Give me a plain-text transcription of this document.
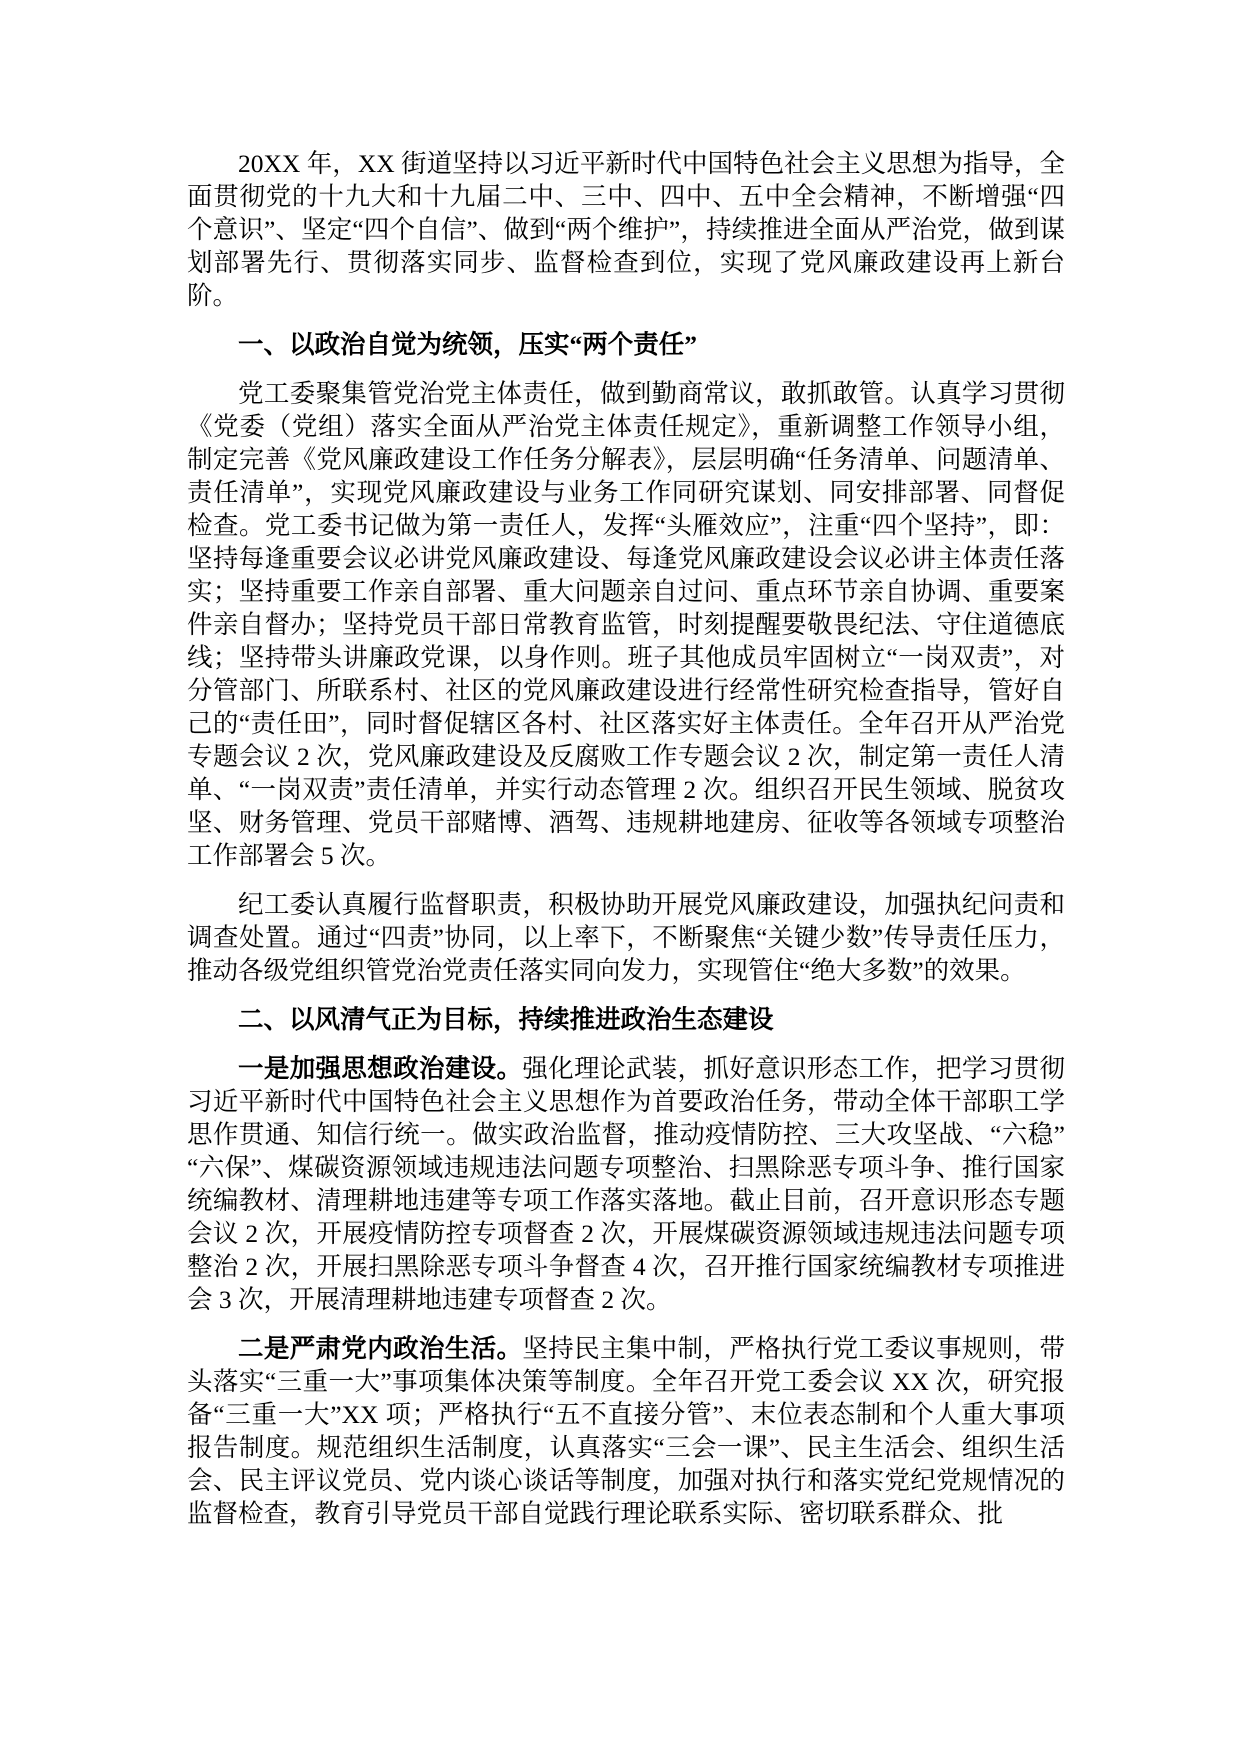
20XX 年，XX 街道坚持以习近平新时代中国特色社会主义思想为指导，全面贯彻党的十九大和十九届二中、三中、四中、五中全会精神，不断增强“四个意识”、坚定“四个自信”、做到“两个维护”，持续推进全面从严治党，做到谋划部署先行、贯彻落实同步、监督检查到位，实现了党风廉政建设再上新台阶。

一、以政治自觉为统领，压实“两个责任”

党工委聚集管党治党主体责任，做到勤商常议，敢抓敢管。认真学习贯彻《党委（党组）落实全面从严治党主体责任规定》，重新调整工作领导小组，制定完善《党风廉政建设工作任务分解表》，层层明确“任务清单、问题清单、责任清单”，实现党风廉政建设与业务工作同研究谋划、同安排部署、同督促检查。党工委书记做为第一责任人，发挥“头雁效应”，注重“四个坚持”，即：坚持每逢重要会议必讲党风廉政建设、每逢党风廉政建设会议必讲主体责任落实；坚持重要工作亲自部署、重大问题亲自过问、重点环节亲自协调、重要案件亲自督办；坚持党员干部日常教育监管，时刻提醒要敬畏纪法、守住道德底线；坚持带头讲廉政党课，以身作则。班子其他成员牢固树立“一岗双责”，对分管部门、所联系村、社区的党风廉政建设进行经常性研究检查指导，管好自己的“责任田”，同时督促辖区各村、社区落实好主体责任。全年召开从严治党专题会议 2 次，党风廉政建设及反腐败工作专题会议 2 次，制定第一责任人清单、“一岗双责”责任清单，并实行动态管理 2 次。组织召开民生领域、脱贫攻坚、财务管理、党员干部赌博、酒驾、违规耕地建房、征收等各领域专项整治工作部署会 5 次。

纪工委认真履行监督职责，积极协助开展党风廉政建设，加强执纪问责和调查处置。通过“四责”协同，以上率下，不断聚焦“关键少数”传导责任压力，推动各级党组织管党治党责任落实同向发力，实现管住“绝大多数”的效果。

二、以风清气正为目标，持续推进政治生态建设

一是加强思想政治建设。强化理论武装，抓好意识形态工作，把学习贯彻习近平新时代中国特色社会主义思想作为首要政治任务，带动全体干部职工学思作贯通、知信行统一。做实政治监督，推动疫情防控、三大攻坚战、“六稳”“六保”、煤碳资源领域违规违法问题专项整治、扫黑除恶专项斗争、推行国家统编教材、清理耕地违建等专项工作落实落地。截止目前，召开意识形态专题会议 2 次，开展疫情防控专项督查 2 次，开展煤碳资源领域违规违法问题专项整治 2 次，开展扫黑除恶专项斗争督查 4 次，召开推行国家统编教材专项推进会 3 次，开展清理耕地违建专项督查 2 次。

二是严肃党内政治生活。坚持民主集中制，严格执行党工委议事规则，带头落实“三重一大”事项集体决策等制度。全年召开党工委会议 XX 次，研究报备“三重一大”XX 项；严格执行“五不直接分管”、末位表态制和个人重大事项报告制度。规范组织生活制度，认真落实“三会一课”、民主生活会、组织生活会、民主评议党员、党内谈心谈话等制度，加强对执行和落实党纪党规情况的监督检查，教育引导党员干部自觉践行理论联系实际、密切联系群众、批
